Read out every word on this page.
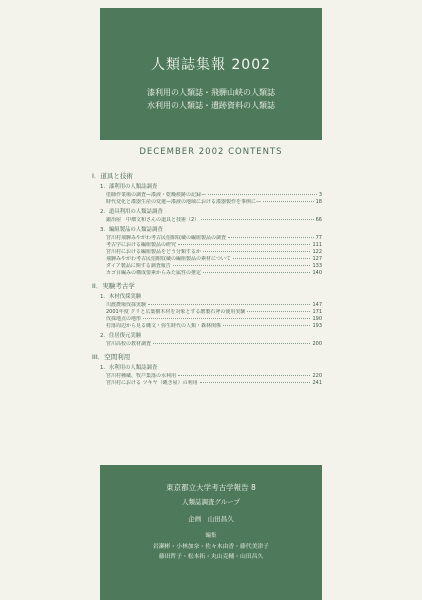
人類誌集報 2002
漆利用の人類誌・飛騨山峡の人類誌
水利用の人類誌・遺跡資料の人類誌
DECEMBER 2002 CONTENTS
I．道具と技術
1．漆利用の人類誌調査
塗師作業場の調査—漆液・乾燥痕跡の記録—	3
時代変化と漆器生産の変遷—漆液の地域における漆器製作を事例に—	18
2．道具利用の人類誌調査
鍛冶屋　中畑文和さんの道具と技術（2）	66
3．編組製品の人類誌調査
宮川村飛騨みやがわ考古民俗館収蔵の編組製品の調査	77
考古学における編組製品の研究	111
宮川村における編組製品をどう分類するか	122
飛騨みやがわ考古民俗館収蔵の編組製品の素材について	127
ダイア製品に関する調査報告	133
カゴ目編みの構成要素からみた属性の推定	140
II．実験考古学
1．木材伐採実験
川渡農場伐採実験	147
2001年度 クリと広葉樹木材を対象とする磨製石斧の使用実験	171
伐採地点の地形	190
村落周辺から見る縄文・弥生時代の人類・森林関係	193
2．住居復元実験
宮川高校の教材調査	200
III．空間利用
1．水利用の人類誌調査
宮川村種蔵、牧戸集落の水利用	220
宮川村における ツキヤ（縄き屋）の利用	241
東京都立大学考古学報告 8
人類誌調査グループ
企画　山田昌久
編集
岩瀬彬・小林加奈・佐々木由香・藤代美津子
藤田哲子・松本拓・丸山克輔・山田昌久
